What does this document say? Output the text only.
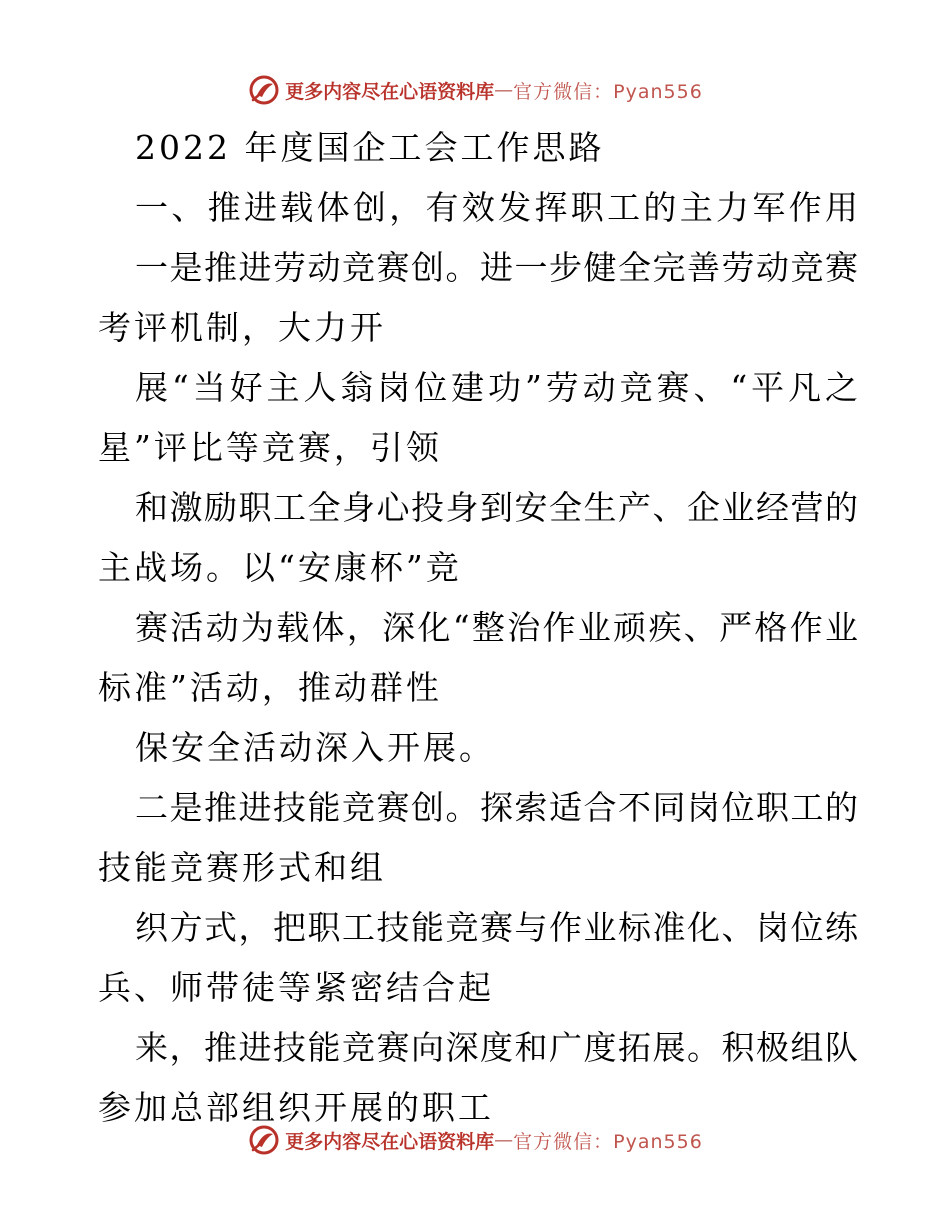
更多内容尽在心语资料库 — 官方微信：Pyan556
2022 年度国企工会工作思路
一、推进载体创，有效发挥职工的主力军作用
一是推进劳动竞赛创。进一步健全完善劳动竞赛
考评机制，大力开
展“当好主人翁岗位建功”劳动竞赛、“平凡之
星”评比等竞赛，引领
和激励职工全身心投身到安全生产、企业经营的
主战场。以“安康杯”竞
赛活动为载体，深化“整治作业顽疾、严格作业
标准”活动，推动群性
保安全活动深入开展。
二是推进技能竞赛创。探索适合不同岗位职工的
技能竞赛形式和组
织方式，把职工技能竞赛与作业标准化、岗位练
兵、师带徒等紧密结合起
来，推进技能竞赛向深度和广度拓展。积极组队
参加总部组织开展的职工
更多内容尽在心语资料库 — 官方微信：Pyan556
